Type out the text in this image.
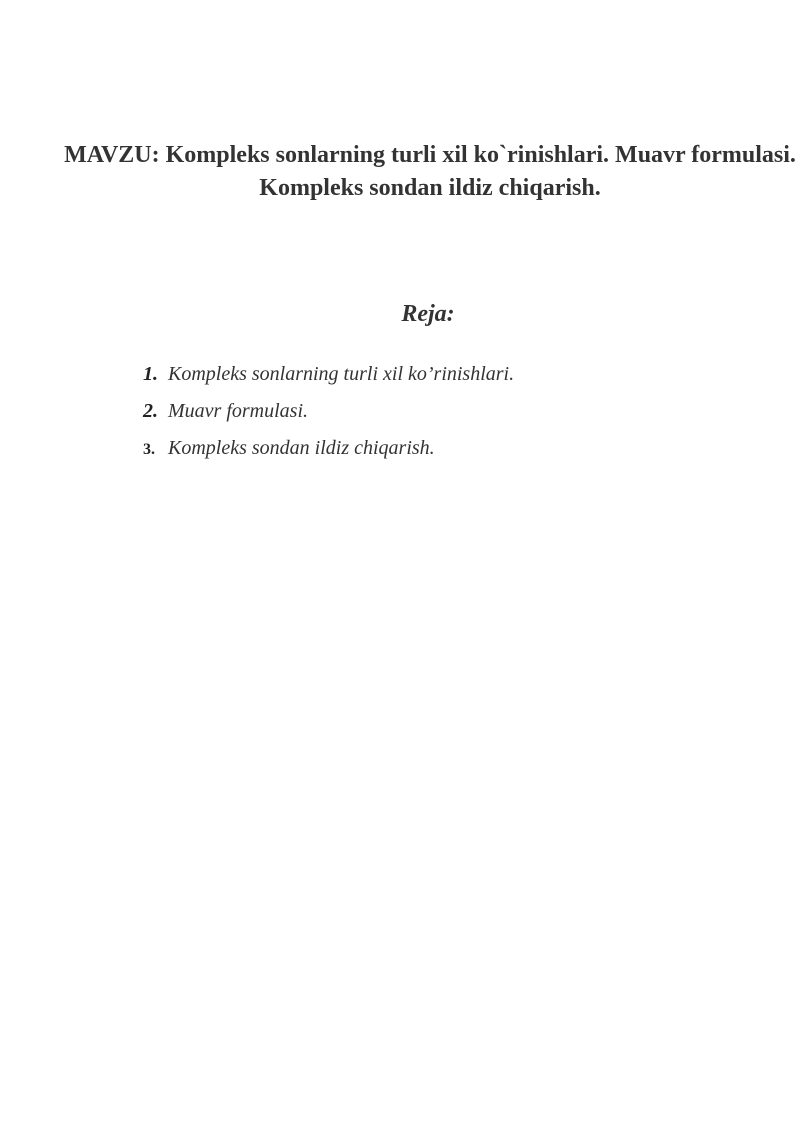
MAVZU: Kompleks sonlarning turli xil ko`rinishlari. Muavr formulasi. Kompleks sondan ildiz chiqarish.
Reja:
1. Kompleks sonlarning turli xil ko’rinishlari.
2. Muavr formulasi.
3. Kompleks sondan ildiz chiqarish.
